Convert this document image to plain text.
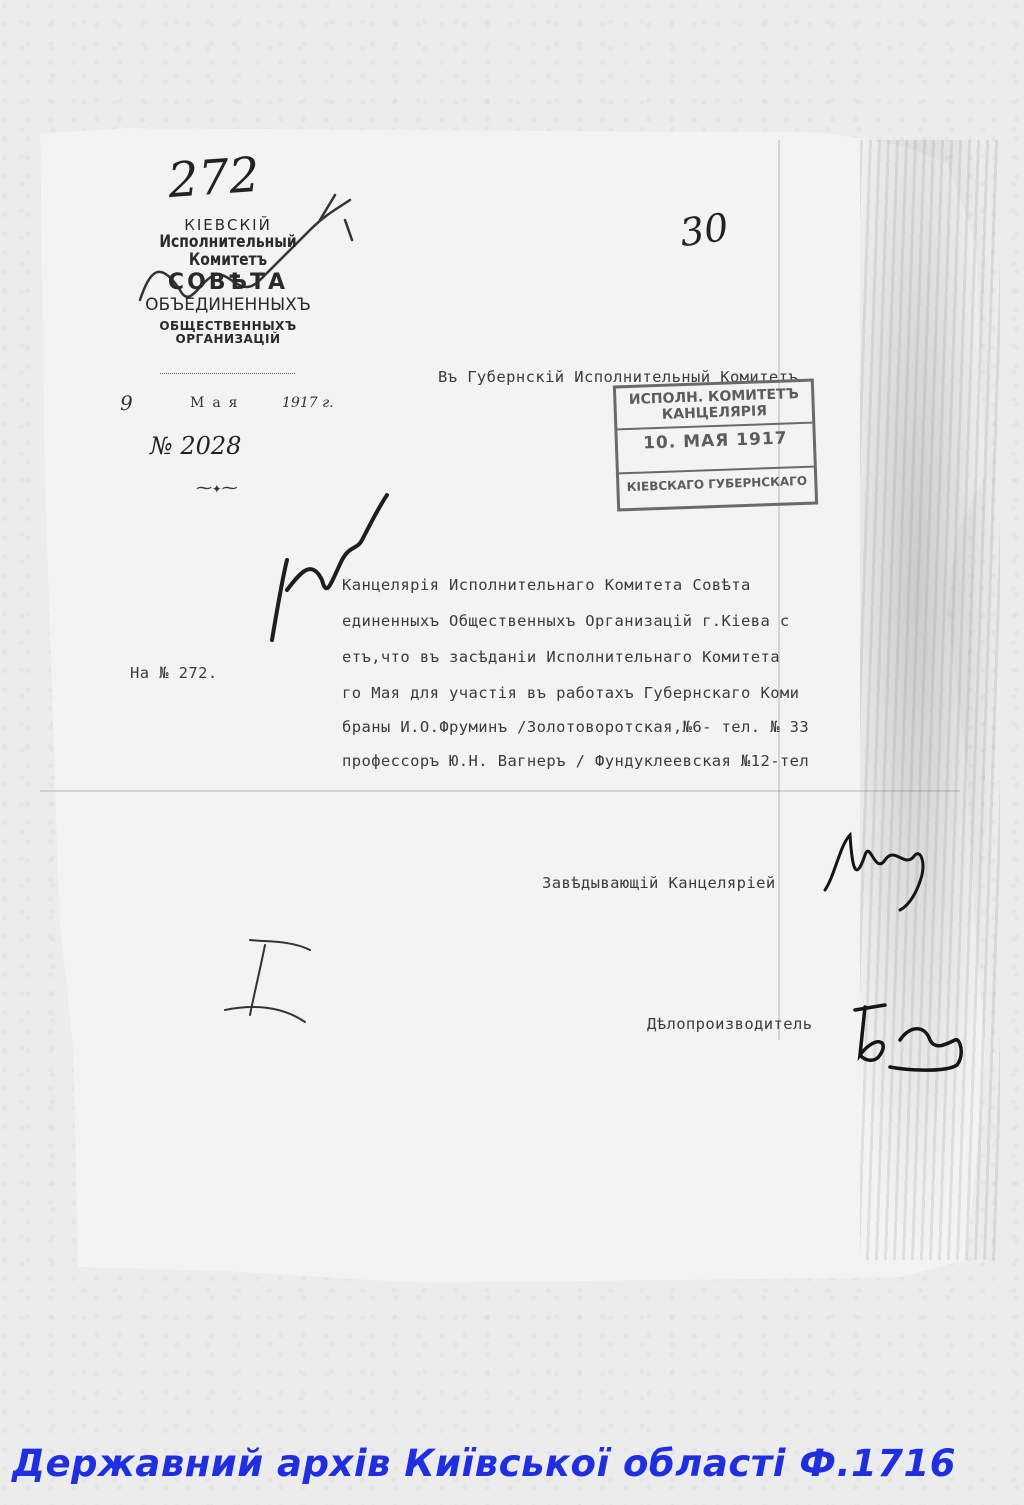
272
30
КІЕВСКІЙ
Исполнительный Комитетъ
СОВѢТА
ОБЪЕДИНЕННЫХЪ
ОБЩЕСТВЕННЫХЪ ОРГАНИЗАЦІЙ
9	Мая	1917 г.
№ 2028
⁓✦⁓
Въ Губернскій Исполнительный Комитетъ
ИСПОЛН. КОМИТЕТЪ КАНЦЕЛЯРІЯ
10. МАЯ 1917
КІЕВСКАГО ГУБЕРНСКАГО
На № 272.
Канцелярія Исполнительнаго Комитета Совѣта
единенныхъ Общественныхъ Организацій г.Кіева с
етъ,что въ засѣданіи Исполнительнаго Комитета
го Мая для участія въ работахъ Губернскаго Коми
браны И.О.Фруминъ /Золотоворотская,№6- тел. № 33
профессоръ Ю.Н. Вагнеръ / Фундуклеевская №12-тел
Завѣдывающій Канцеляріей
Дѣлопроизводитель
Державний архів Київської області Ф.1716
